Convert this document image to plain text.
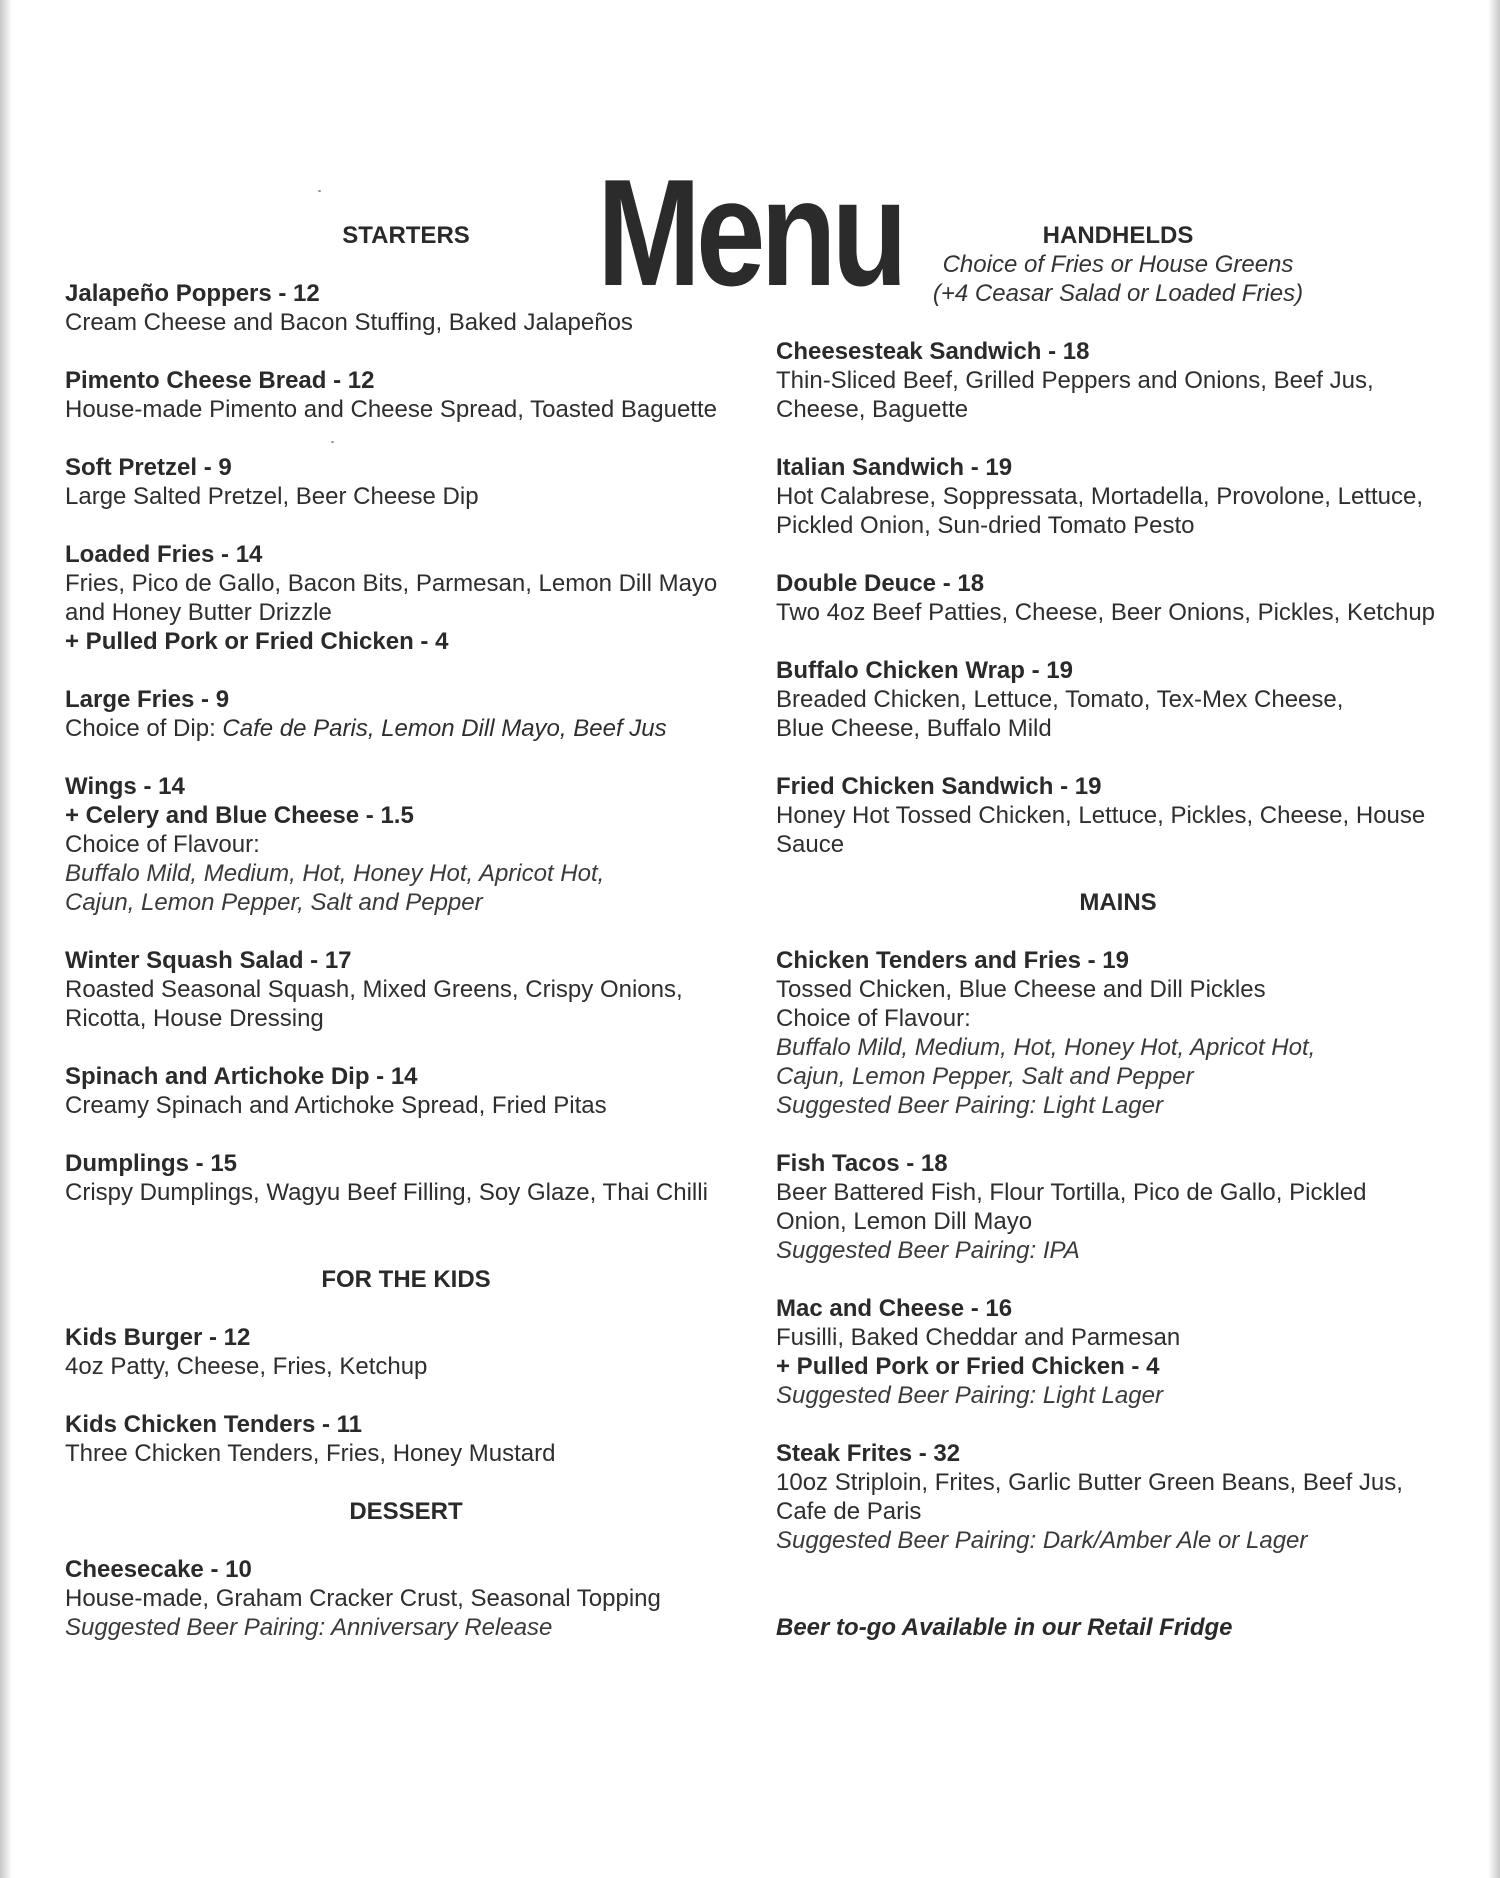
Menu
STARTERS
Jalapeño Poppers - 12
Cream Cheese and Bacon Stuffing, Baked Jalapeños
Pimento Cheese Bread - 12
House-made Pimento and Cheese Spread, Toasted Baguette
Soft Pretzel - 9
Large Salted Pretzel, Beer Cheese Dip
Loaded Fries - 14
Fries, Pico de Gallo, Bacon Bits, Parmesan, Lemon Dill Mayo
and Honey Butter Drizzle
+ Pulled Pork or Fried Chicken - 4
Large Fries - 9
Choice of Dip: Cafe de Paris, Lemon Dill Mayo, Beef Jus
Wings - 14
+ Celery and Blue Cheese - 1.5
Choice of Flavour:
Buffalo Mild, Medium, Hot, Honey Hot, Apricot Hot,
Cajun, Lemon Pepper, Salt and Pepper
Winter Squash Salad - 17
Roasted Seasonal Squash, Mixed Greens, Crispy Onions,
Ricotta, House Dressing
Spinach and Artichoke Dip - 14
Creamy Spinach and Artichoke Spread, Fried Pitas
Dumplings - 15
Crispy Dumplings, Wagyu Beef Filling, Soy Glaze, Thai Chilli
FOR THE KIDS
Kids Burger - 12
4oz Patty, Cheese, Fries, Ketchup
Kids Chicken Tenders - 11
Three Chicken Tenders, Fries, Honey Mustard
DESSERT
Cheesecake - 10
House-made, Graham Cracker Crust, Seasonal Topping
Suggested Beer Pairing: Anniversary Release
HANDHELDS
Choice of Fries or House Greens
(+4 Ceasar Salad or Loaded Fries)
Cheesesteak Sandwich - 18
Thin-Sliced Beef, Grilled Peppers and Onions, Beef Jus,
Cheese, Baguette
Italian Sandwich - 19
Hot Calabrese, Soppressata, Mortadella, Provolone, Lettuce,
Pickled Onion, Sun-dried Tomato Pesto
Double Deuce - 18
Two 4oz Beef Patties, Cheese, Beer Onions, Pickles, Ketchup
Buffalo Chicken Wrap - 19
Breaded Chicken, Lettuce, Tomato, Tex-Mex Cheese,
Blue Cheese, Buffalo Mild
Fried Chicken Sandwich - 19
Honey Hot Tossed Chicken, Lettuce, Pickles, Cheese, House
Sauce
MAINS
Chicken Tenders and Fries - 19
Tossed Chicken, Blue Cheese and Dill Pickles
Choice of Flavour:
Buffalo Mild, Medium, Hot, Honey Hot, Apricot Hot,
Cajun, Lemon Pepper, Salt and Pepper
Suggested Beer Pairing: Light Lager
Fish Tacos - 18
Beer Battered Fish, Flour Tortilla, Pico de Gallo, Pickled
Onion, Lemon Dill Mayo
Suggested Beer Pairing: IPA
Mac and Cheese - 16
Fusilli, Baked Cheddar and Parmesan
+ Pulled Pork or Fried Chicken - 4
Suggested Beer Pairing: Light Lager
Steak Frites - 32
10oz Striploin, Frites, Garlic Butter Green Beans, Beef Jus,
Cafe de Paris
Suggested Beer Pairing: Dark/Amber Ale or Lager
Beer to-go Available in our Retail Fridge
